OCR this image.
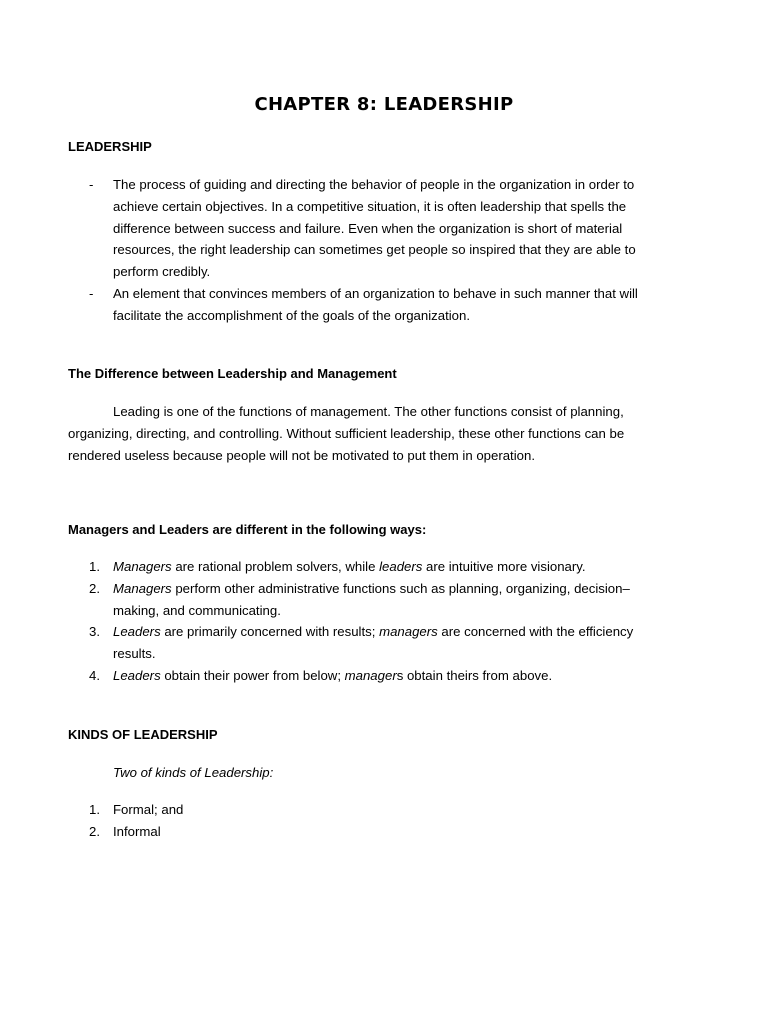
CHAPTER 8: LEADERSHIP
LEADERSHIP
- The process of guiding and directing the behavior of people in the organization in order to achieve certain objectives. In a competitive situation, it is often leadership that spells the difference between success and failure. Even when the organization is short of material resources, the right leadership can sometimes get people so inspired that they are able to perform credibly.
- An element that convinces members of an organization to behave in such manner that will facilitate the accomplishment of the goals of the organization.
The Difference between Leadership and Management
Leading is one of the functions of management. The other functions consist of planning, organizing, directing, and controlling. Without sufficient leadership, these other functions can be rendered useless because people will not be motivated to put them in operation.
Managers and Leaders are different in the following ways:
1. Managers are rational problem solvers, while leaders are intuitive more visionary.
2. Managers perform other administrative functions such as planning, organizing, decision–making, and communicating.
3. Leaders are primarily concerned with results; managers are concerned with the efficiency results.
4. Leaders obtain their power from below; managers obtain theirs from above.
KINDS OF LEADERSHIP
Two of kinds of Leadership:
1. Formal; and
2. Informal
